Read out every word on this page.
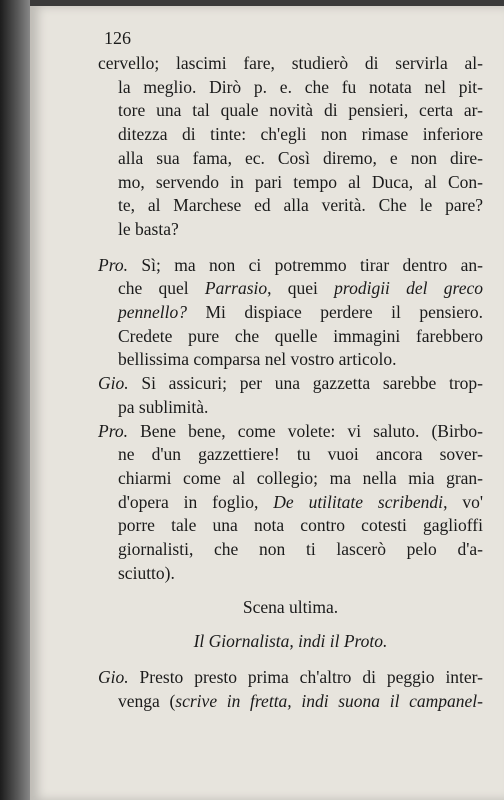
126
cervello; lascimi fare, studierò di servirla al-
la meglio. Dirò p. e. che fu notata nel pit-
tore una tal quale novità di pensieri, certa ar-
ditezza di tinte: ch'egli non rimase inferiore
alla sua fama, ec. Così diremo, e non dire-
mo, servendo in pari tempo al Duca, al Con-
te, al Marchese ed alla verità. Che le pare?
le basta?
Pro. Sì; ma non ci potremmo tirar dentro an-
che quel Parrasio, quei prodigii del greco
pennello? Mi dispiace perdere il pensiero.
Credete pure che quelle immagini farebbero
bellissima comparsa nel vostro articolo.
Gio. Si assicuri; per una gazzetta sarebbe trop-
pa sublimità.
Pro. Bene bene, come volete: vi saluto. (Birbo-
ne d'un gazzettiere! tu vuoi ancora sover-
chiarmi come al collegio; ma nella mia gran-
d'opera in foglio, De utilitate scribendi, vo'
porre tale una nota contro cotesti gaglioffi
giornalisti, che non ti lascerò pelo d'a-
sciutto).
Scena ultima.
Il Giornalista, indi il Proto.
Gio. Presto presto prima ch'altro di peggio inter-
venga (scrive in fretta, indi suona il campanel-
